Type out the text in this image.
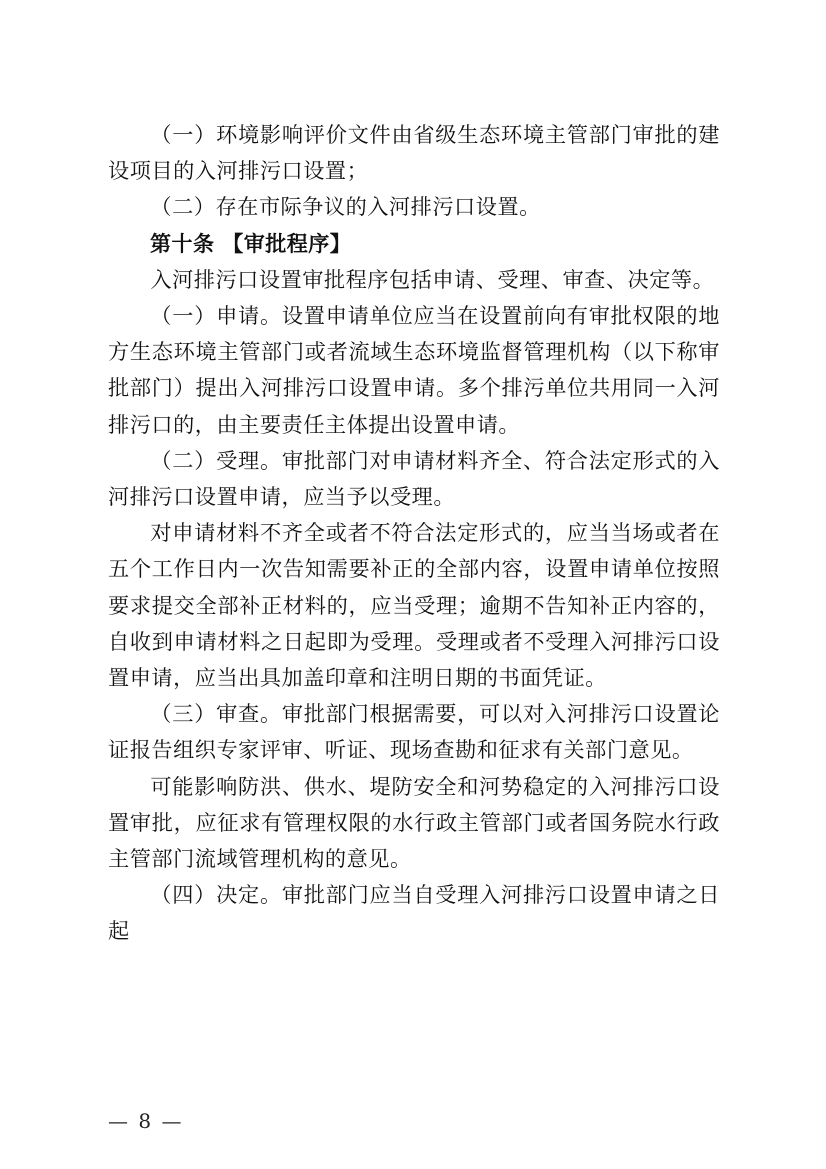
（一）环境影响评价文件由省级生态环境主管部门审批的建设项目的入河排污口设置；

（二）存在市际争议的入河排污口设置。

第十条 【审批程序】

入河排污口设置审批程序包括申请、受理、审查、决定等。

（一）申请。设置申请单位应当在设置前向有审批权限的地方生态环境主管部门或者流域生态环境监督管理机构（以下称审批部门）提出入河排污口设置申请。多个排污单位共用同一入河排污口的，由主要责任主体提出设置申请。

（二）受理。审批部门对申请材料齐全、符合法定形式的入河排污口设置申请，应当予以受理。

对申请材料不齐全或者不符合法定形式的，应当当场或者在五个工作日内一次告知需要补正的全部内容，设置申请单位按照要求提交全部补正材料的，应当受理；逾期不告知补正内容的，自收到申请材料之日起即为受理。受理或者不受理入河排污口设置申请，应当出具加盖印章和注明日期的书面凭证。

（三）审查。审批部门根据需要，可以对入河排污口设置论证报告组织专家评审、听证、现场查勘和征求有关部门意见。

可能影响防洪、供水、堤防安全和河势稳定的入河排污口设置审批，应征求有管理权限的水行政主管部门或者国务院水行政主管部门流域管理机构的意见。

（四）决定。审批部门应当自受理入河排污口设置申请之日起

— 8 —
